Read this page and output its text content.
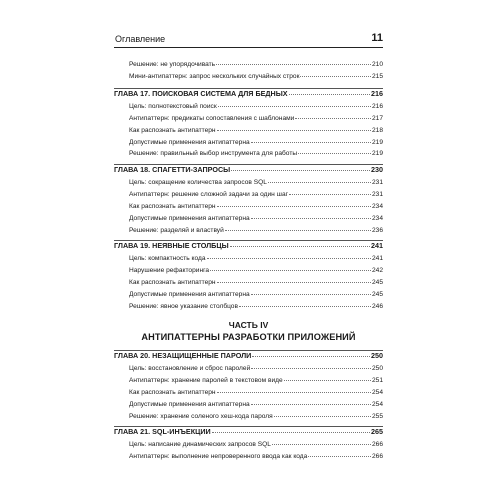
Оглавление	11
Решение: не упорядочивать	210
Мини-антипаттерн: запрос нескольких случайных строк	215
ГЛАВА 17. ПОИСКОВАЯ СИСТЕМА ДЛЯ БЕДНЫХ	216
Цель: полнотекстовый поиск	216
Антипаттерн: предикаты сопоставления с шаблонами	217
Как распознать антипаттерн	218
Допустимые применения антипаттерна	219
Решение: правильный выбор инструмента для работы	219
ГЛАВА 18. СПАГЕТТИ-ЗАПРОСЫ	230
Цель: сокращение количества запросов SQL	231
Антипаттерн: решение сложной задачи за один шаг	231
Как распознать антипаттерн	234
Допустимые применения антипаттерна	234
Решение: разделяй и властвуй	236
ГЛАВА 19. НЕЯВНЫЕ СТОЛБЦЫ	241
Цель: компактность кода	241
Нарушение рефакторинга	242
Как распознать антипаттерн	245
Допустимые применения антипаттерна	245
Решение: явное указание столбцов	246
ГЛАВА 20. НЕЗАЩИЩЕННЫЕ ПАРОЛИ	250
Цель: восстановление и сброс паролей	250
Антипаттерн: хранение паролей в текстовом виде	251
Как распознать антипаттерн	254
Допустимые применения антипаттерна	254
Решение: хранение соленого хеш-кода пароля	255
ГЛАВА 21. SQL-ИНЪЕКЦИИ	265
Цель: написание динамических запросов SQL	266
Антипаттерн: выполнение непроверенного ввода как кода	266
ЧАСТЬ IV
АНТИПАТТЕРНЫ РАЗРАБОТКИ ПРИЛОЖЕНИЙ
